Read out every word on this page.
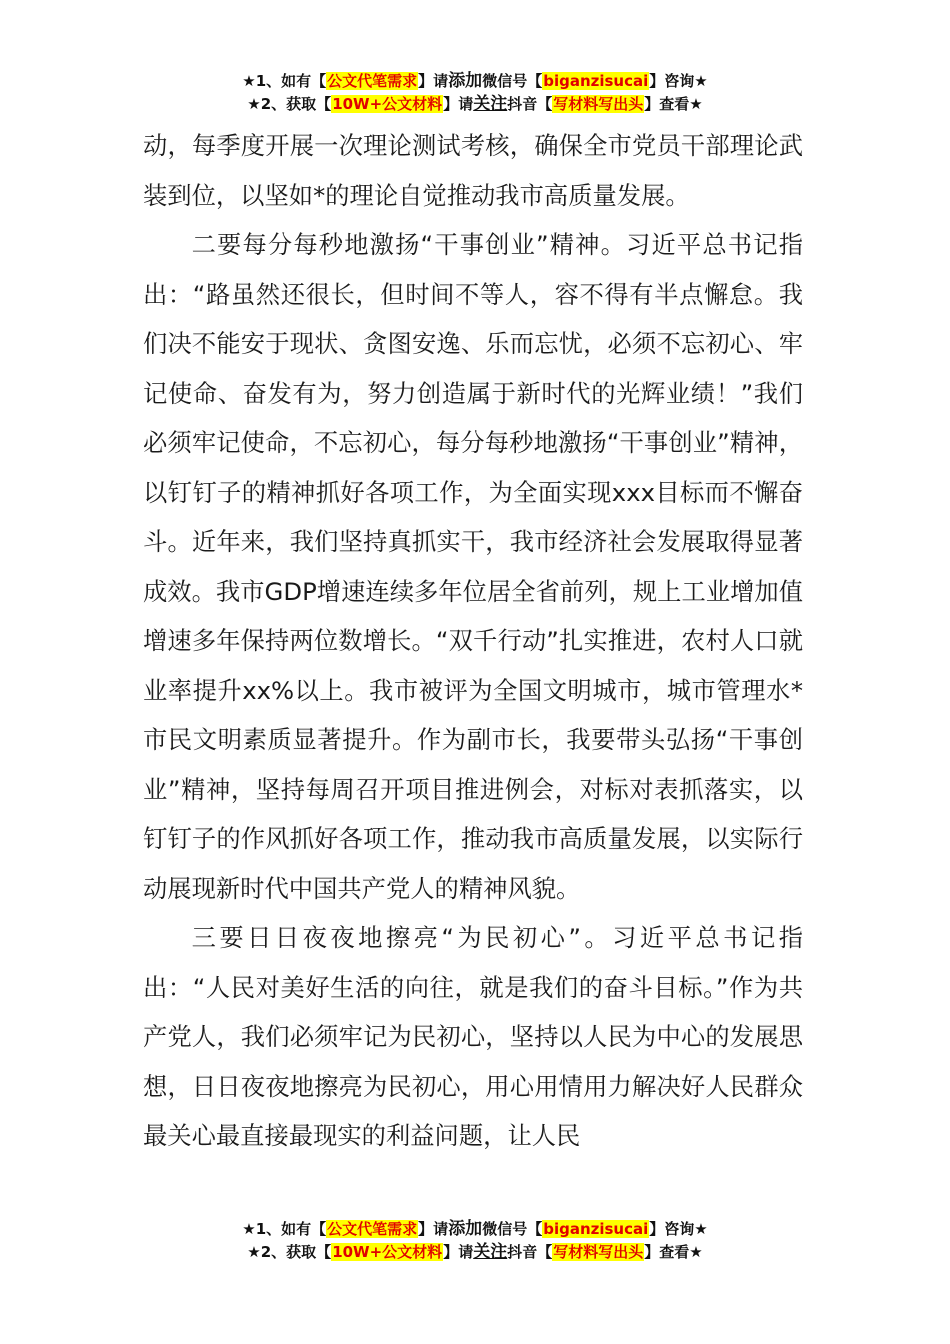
★1、如有【公文代笔需求】请添加微信号【biganzisucai】咨询★
★2、获取【10W+公文材料】请关注抖音【写材料写出头】查看★

动，每季度开展一次理论测试考核，确保全市党员干部理论武装到位，以坚如*的理论自觉推动我市高质量发展。

二要每分每秒地激扬“干事创业”精神。习近平总书记指出：“路虽然还很长，但时间不等人，容不得有半点懈怠。我们决不能安于现状、贪图安逸、乐而忘忧，必须不忘初心、牢记使命、奋发有为，努力创造属于新时代的光辉业绩！”我们必须牢记使命，不忘初心，每分每秒地激扬“干事创业”精神，以钉钉子的精神抓好各项工作，为全面实现xxx目标而不懈奋斗。近年来，我们坚持真抓实干，我市经济社会发展取得显著成效。我市GDP增速连续多年位居全省前列，规上工业增加值增速多年保持两位数增长。“双千行动”扎实推进，农村人口就业率提升xx%以上。我市被评为全国文明城市，城市管理水*市民文明素质显著提升。作为副市长，我要带头弘扬“干事创业”精神，坚持每周召开项目推进例会，对标对表抓落实，以钉钉子的作风抓好各项工作，推动我市高质量发展，以实际行动展现新时代中国共产党人的精神风貌。

三要日日夜夜地擦亮“为民初心”。习近平总书记指出：“人民对美好生活的向往，就是我们的奋斗目标。”作为共产党人，我们必须牢记为民初心，坚持以人民为中心的发展思想，日日夜夜地擦亮为民初心，用心用情用力解决好人民群众最关心最直接最现实的利益问题，让人民

★1、如有【公文代笔需求】请添加微信号【biganzisucai】咨询★
★2、获取【10W+公文材料】请关注抖音【写材料写出头】查看★
